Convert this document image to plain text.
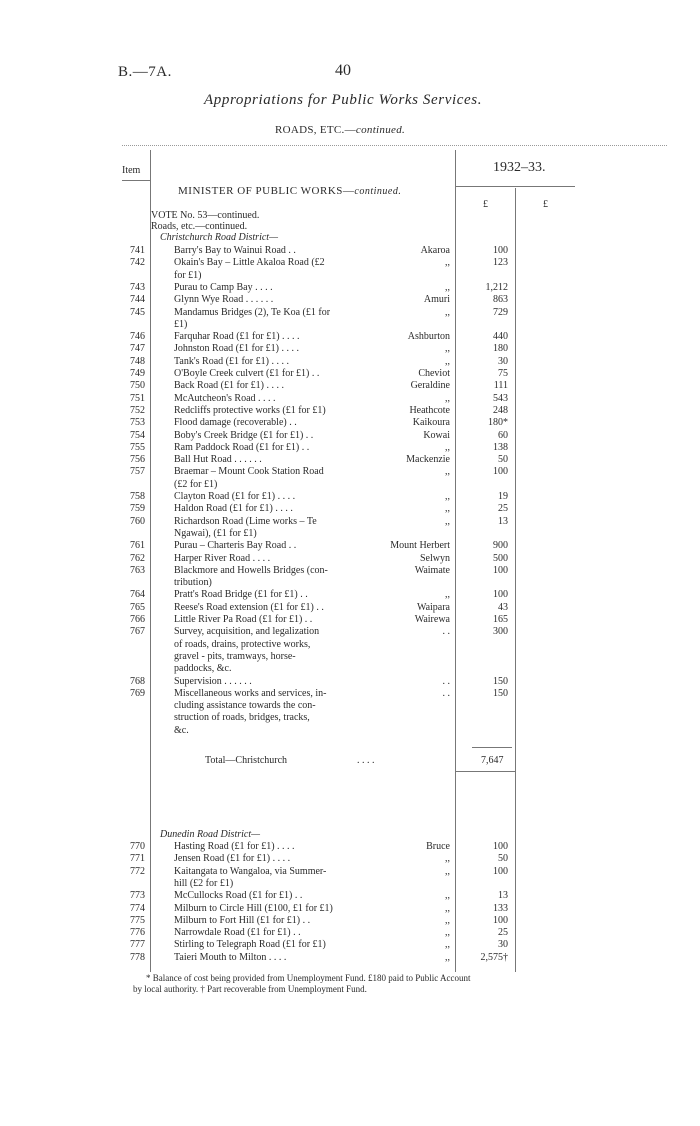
B.—7A.	40
Appropriations for Public Works Services.
ROADS, ETC.—continued.
Item	1932–33.
£	£
MINISTER OF PUBLIC WORKS—continued.
VOTE No. 53—continued.
Roads, etc.—continued.
Christchurch Road District—
741	Barry's Bay to Wainui Road . .	Akaroa	100
742	Okain's Bay – Little Akaloa Road (£2	,,	123
for £1)
743	Purau to Camp Bay . . . .	,,	1,212
744	Glynn Wye Road . . . . . .	Amuri	863
745	Mandamus Bridges (2), Te Koa (£1 for	,,	729
£1)
746	Farquhar Road (£1 for £1) . . . .	Ashburton	440
747	Johnston Road (£1 for £1) . . . .	,,	180
748	Tank's Road (£1 for £1) . . . .	,,	30
749	O'Boyle Creek culvert (£1 for £1) . .	Cheviot	75
750	Back Road (£1 for £1) . . . .	Geraldine	111
751	McAutcheon's Road . . . .	,,	543
752	Redcliffs protective works (£1 for £1)	Heathcote	248
753	Flood damage (recoverable) . .	Kaikoura	180*
754	Boby's Creek Bridge (£1 for £1) . .	Kowai	60
755	Ram Paddock Road (£1 for £1) . .	,,	138
756	Ball Hut Road . . . . . .	Mackenzie	50
757	Braemar – Mount Cook Station Road	,,	100
(£2 for £1)
758	Clayton Road (£1 for £1) . . . .	,,	19
759	Haldon Road (£1 for £1) . . . .	,,	25
760	Richardson Road (Lime works – Te	,,	13
Ngawai), (£1 for £1)
761	Purau – Charteris Bay Road . .	Mount Herbert	900
762	Harper River Road . . . .	Selwyn	500
763	Blackmore and Howells Bridges (con-	Waimate	100
tribution)
764	Pratt's Road Bridge (£1 for £1) . .	,,	100
765	Reese's Road extension (£1 for £1) . .	Waipara	43
766	Little River Pa Road (£1 for £1) . .	Wairewa	165
767	Survey, acquisition, and legalization	. .	300
of roads, drains, protective works,
gravel - pits, tramways, horse-
paddocks, &c.
768	Supervision . . . . . .	. .	150
769	Miscellaneous works and services, in-	. .	150
cluding assistance towards the con-
struction of roads, bridges, tracks,
&c.
Total—Christchurch	. . . .	7,647
Dunedin Road District—
770	Hasting Road (£1 for £1) . . . .	Bruce	100
771	Jensen Road (£1 for £1) . . . .	,,	50
772	Kaitangata to Wangaloa, via Summer-	,,	100
hill (£2 for £1)
773	McCullocks Road (£1 for £1) . .	,,	13
774	Milburn to Circle Hill (£100, £1 for £1)	,,	133
775	Milburn to Fort Hill (£1 for £1) . .	,,	100
776	Narrowdale Road (£1 for £1) . .	,,	25
777	Stirling to Telegraph Road (£1 for £1)	,,	30
778	Taieri Mouth to Milton . . . .	,,	2,575†
* Balance of cost being provided from Unemployment Fund. £180 paid to Public Account
by local authority. † Part recoverable from Unemployment Fund.
